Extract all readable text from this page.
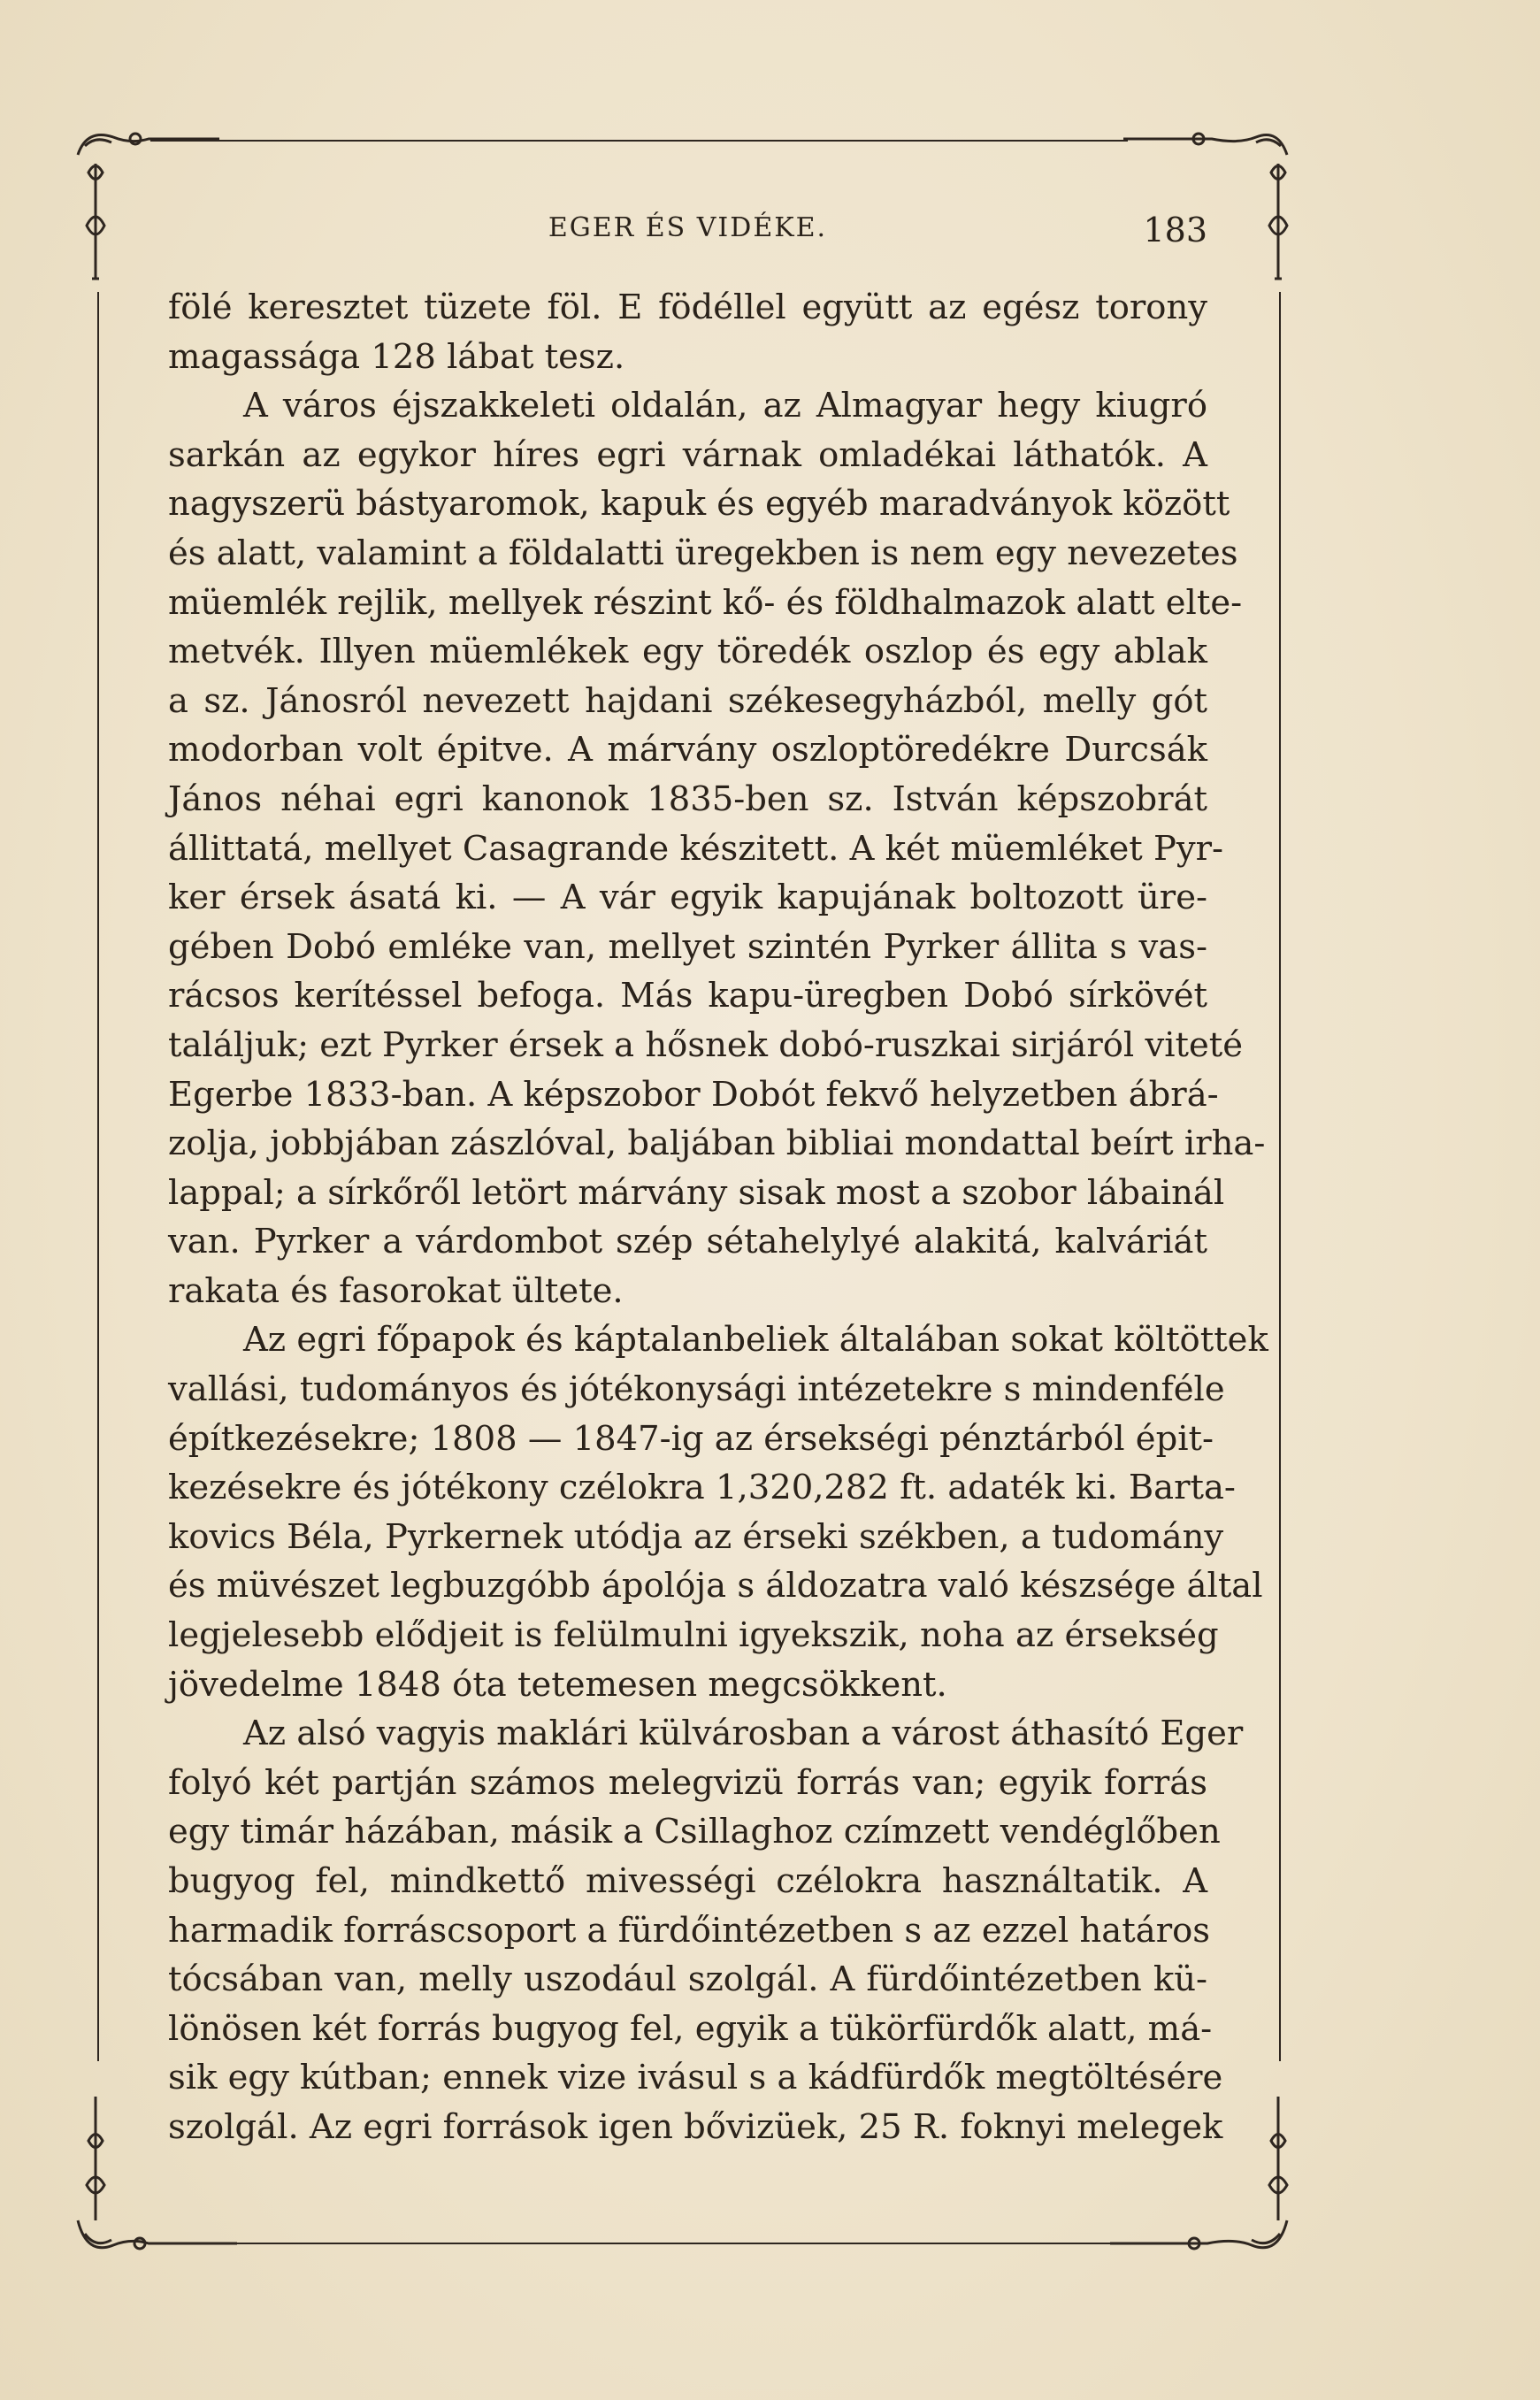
EGER ÉS VIDÉKE.	183
fölé keresztet tüzete föl. E födéllel együtt az egész torony
magassága 128 lábat tesz.
A város éjszakkeleti oldalán, az Almagyar hegy kiugró
sarkán az egykor híres egri várnak omladékai láthatók. A
nagyszerü bástyaromok, kapuk és egyéb maradványok között
és alatt, valamint a földalatti üregekben is nem egy nevezetes
müemlék rejlik, mellyek részint kő- és földhalmazok alatt elte-
metvék. Illyen müemlékek egy töredék oszlop és egy ablak
a sz. Jánosról nevezett hajdani székesegyházból, melly gót
modorban volt épitve. A márvány oszloptöredékre Durcsák
János néhai egri kanonok 1835-ben sz. István képszobrát
állittatá, mellyet Casagrande készitett. A két müemléket Pyr-
ker érsek ásatá ki. — A vár egyik kapujának boltozott üre-
gében Dobó emléke van, mellyet szintén Pyrker állita s vas-
rácsos kerítéssel befoga. Más kapu-üregben Dobó sírkövét
találjuk; ezt Pyrker érsek a hősnek dobó-ruszkai sirjáról viteté
Egerbe 1833-ban. A képszobor Dobót fekvő helyzetben ábrá-
zolja, jobbjában zászlóval, baljában bibliai mondattal beírt irha-
lappal; a sírkőről letört márvány sisak most a szobor lábainál
van. Pyrker a várdombot szép sétahelylyé alakitá, kalváriát
rakata és fasorokat ültete.
Az egri főpapok és káptalanbeliek általában sokat költöttek
vallási, tudományos és jótékonysági intézetekre s mindenféle
építkezésekre; 1808 — 1847-ig az érsekségi pénztárból épit-
kezésekre és jótékony czélokra 1,320,282 ft. adaték ki. Barta-
kovics Béla, Pyrkernek utódja az érseki székben, a tudomány
és müvészet legbuzgóbb ápolója s áldozatra való készsége által
legjelesebb elődjeit is felülmulni igyekszik, noha az érsekség
jövedelme 1848 óta tetemesen megcsökkent.
Az alsó vagyis maklári külvárosban a várost áthasító Eger
folyó két partján számos melegvizü forrás van; egyik forrás
egy timár házában, másik a Csillaghoz czímzett vendéglőben
bugyog fel, mindkettő mivességi czélokra használtatik. A
harmadik forráscsoport a fürdőintézetben s az ezzel határos
tócsában van, melly uszodául szolgál. A fürdőintézetben kü-
lönösen két forrás bugyog fel, egyik a tükörfürdők alatt, má-
sik egy kútban; ennek vize ivásul s a kádfürdők megtöltésére
szolgál. Az egri források igen bővizüek, 25 R. foknyi melegek
